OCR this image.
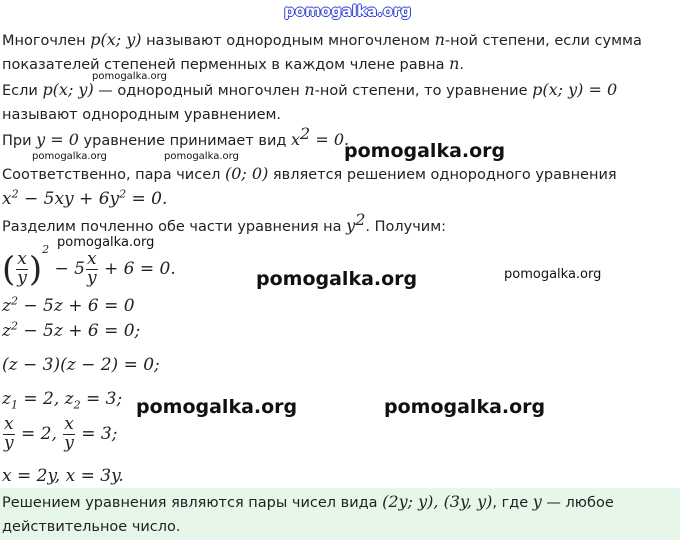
Многочлен p(x; y) называют однородным многочленом n-ной степени, если сумма
показателей степеней перменных в каждом члене равна n.
Если p(x; y) — однородный многочлен n-ной степени, то уравнение p(x; y) = 0
называют однородным уравнением.
При y = 0 уравнение принимает вид $x^2 = 0$.
Соответственно, пара чисел (0; 0) является решением однородного уравнения
$x^2 - 5xy + 6y^2 = 0$.
Разделим почленно обе части уравнения на $y^2$. Получим:
( $\frac{x}{y} )^2 - 5 \frac{x}{y} + 6 = 0$.
$z^2 - 5z + 6 = 0$
$z^2 - 5z + 6 = 0$;
(z − 3)(z − 2) = 0;
$z_1 = 2$, $z_2 = 3$;
$\frac{x}{y} = 2$, $\frac{x}{y} = 3$;
x = 2y, x = 3y.
Решением уравнения являются пары чисел вида (2y; y), (3y, y), где y — любое
действительное число.
pomogalka.org
pomogalka.org
pomogalka.org
pomogalka.org	pomogalka.org
pomogalka.org
pomogalka.org	pomogalka.org
pomogalka.org	pomogalka.org
